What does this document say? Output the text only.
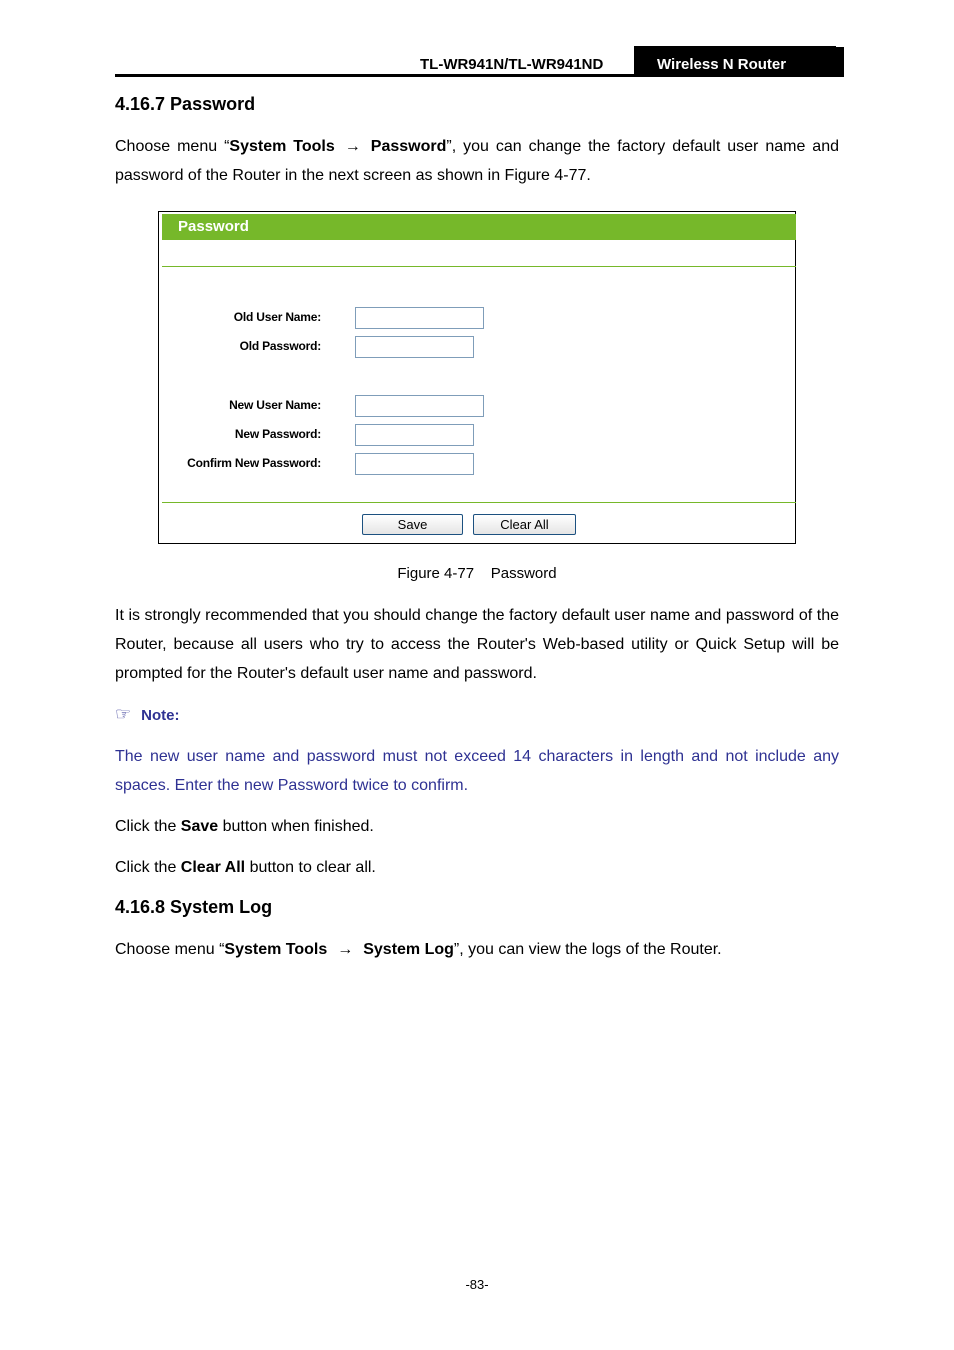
TL-WR941N/TL-WR941ND	Wireless N Router
4.16.7 Password

Choose menu “System Tools → Password”, you can change the factory default user name and password of the Router in the next screen as shown in Figure 4-77.

Password
Old User Name:
Old Password:
New User Name:
New Password:
Confirm New Password:
Save	Clear All
Figure 4-77    Password

It is strongly recommended that you should change the factory default user name and password of the Router, because all users who try to access the Router's Web-based utility or Quick Setup will be prompted for the Router's default user name and password.

☞ Note:

The new user name and password must not exceed 14 characters in length and not include any spaces. Enter the new Password twice to confirm.

Click the Save button when finished.

Click the Clear All button to clear all.

4.16.8 System Log

Choose menu “System Tools → System Log”, you can view the logs of the Router.

-83-
